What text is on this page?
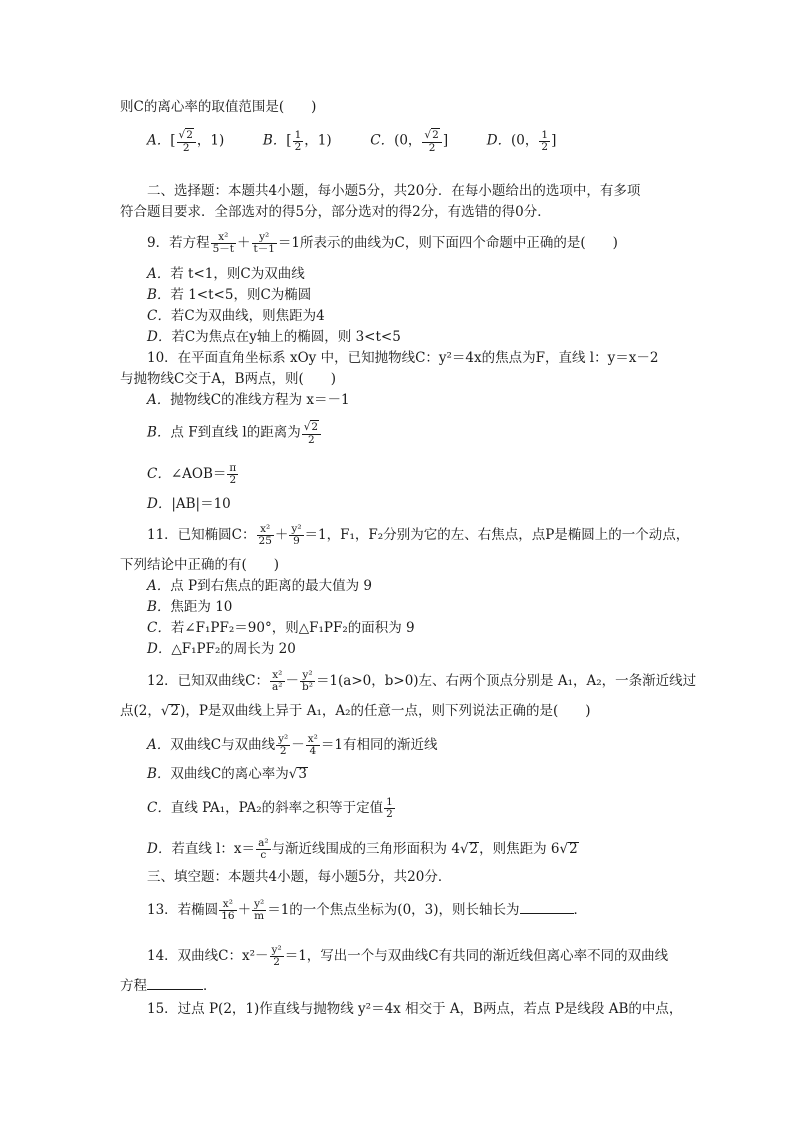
则C的离心率的取值范围是(　　)
A．[ $\frac{√2}{2}$ ，1)	B．[ $\frac{1}{2}$ ，1)	C．(0， $\frac{√2}{2}$ ]	D．(0， $\frac{1}{2}$ ]
二、选择题：本题共4小题，每小题5分，共20分．在每小题给出的选项中，有多项
符合题目要求．全部选对的得5分，部分选对的得2分，有选错的得0分．
9．若方程 $\frac{\text{x²}}{5-t} + \frac{\text{y²}}{t-1} =1$所表示的曲线为C，则下面四个命题中正确的是(　　)
A．若 t<1，则C为双曲线
B．若 1<t<5，则C为椭圆
C．若C为双曲线，则焦距为4
D．若C为焦点在y轴上的椭圆，则 3<t<5
10．在平面直角坐标系 xOy 中，已知抛物线C：y²＝4x的焦点为F，直线 l：y＝x－2
与抛物线C交于A，B两点，则(　　)
A．抛物线C的准线方程为 x＝－1
B．点 F到直线 l的距离为 $\frac{√2}{2}$
C．∠AOB＝ $\frac{\pi}{2}$
D．|AB|＝10
11．已知椭圆C： $\frac{\text{x²}}{25} + \frac{\text{y²}}{9} =1$，F₁，F₂分别为它的左、右焦点，点P是椭圆上的一个动点，
下列结论中正确的有(　　)
A．点 P到右焦点的距离的最大值为 9
B．焦距为 10
C．若∠F₁PF₂＝90°，则△F₁PF₂的面积为 9
D．△F₁PF₂的周长为 20
12．已知双曲线C： $\frac{\text{x²}}{\text{a²}} - \frac{\text{y²}}{\text{b²}} =1(a>0$，b>0)左、右两个顶点分别是 A₁，A₂，一条渐近线过
点(2，√2)，P是双曲线上异于 A₁，A₂的任意一点，则下列说法正确的是(　　)
A．双曲线C与双曲线 $\frac{\text{y²}}{2} - \frac{\text{x²}}{4} =1$有相同的渐近线
B．双曲线C的离心率为√3
C．直线 PA₁，PA₂的斜率之积等于定值 $\frac{1}{2}$
D．若直线 l：$x= \frac{\text{a²}}{c}$ 与渐近线围成的三角形面积为 4√2，则焦距为 6√2
三、填空题：本题共4小题，每小题5分，共20分．
13．若椭圆 $\frac{\text{x²}}{16} + \frac{\text{y²}}{m} =1$的一个焦点坐标为(0，3)，则长轴长为	．
14．双曲线C：$x^2- \frac{\text{y²}}{2} =1$，写出一个与双曲线C有共同的渐近线但离心率不同的双曲线
方程	．
15．过点 P(2，1)作直线与抛物线 y²＝4x 相交于 A，B两点，若点 P是线段 AB的中点，
